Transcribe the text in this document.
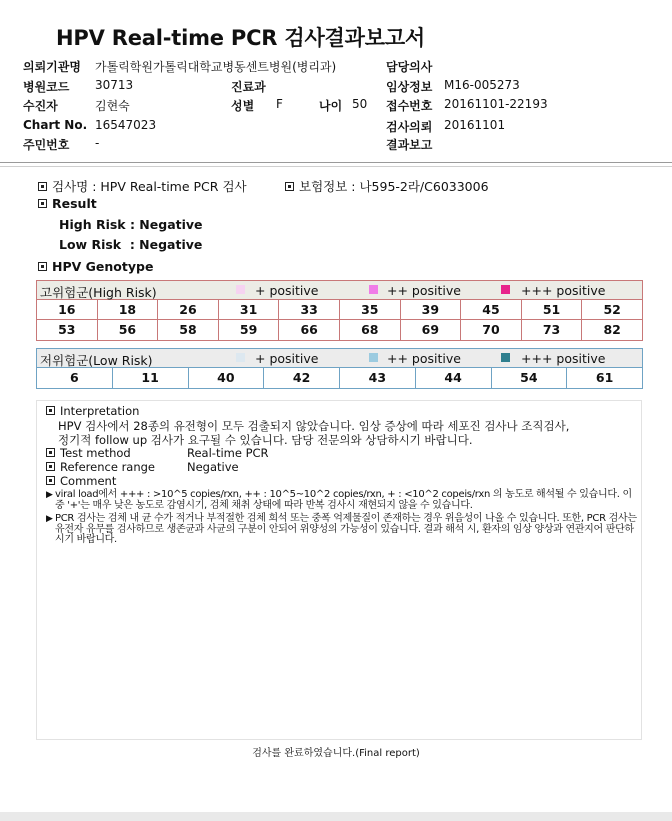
HPV Real-time PCR 검사결과보고서
의뢰기관명 가톨릭학원가톨릭대학교병동센트병원(병리과)	담당의사
병원코드 30713	진료과	임상정보 M16-005273
수진자	김현숙	성별 F	나이 50 접수번호 20161101-22193
Chart No. 16547023	검사의뢰 20161101
주민번호 -	결과보고
검사명 : HPV Real-time PCR 검사	보험정보 : 나595-2라/C6033006
Result
High Risk : Negative
Low Risk  : Negative
HPV Genotype
고위험군(High Risk)	+ positive	++ positive	+++ positive
16	18	26	31	33	35	39	45	51	52
53	56	58	59	66	68	69	70	73	82
저위험군(Low Risk)	+ positive	++ positive	+++ positive
6	11	40	42	43	44	54	61
Interpretation
HPV 검사에서 28종의 유전형이 모두 검출되지 않았습니다. 임상 증상에 따라 세포진 검사나 조직검사,
정기적 follow up 검사가 요구될 수 있습니다. 담당 전문의와 상담하시기 바랍니다.
Test method	Real-time PCR
Reference range	Negative
Comment
▶ viral load에서 +++ : >10^5 copies/rxn, ++ : 10^5~10^2 copies/rxn, + : <10^2 copeis/rxn 의 농도로 해석될 수 있습니다. 이 중 '+'는 매우 낮은 농도로 감염시기, 검체 채취 상태에 따라 반복 검사시 재현되지 않을 수 있습니다.
▶ PCR 검사는 검체 내 균 수가 적거나 부적절한 검체 희석 또는 중폭 억제물질이 존재하는 경우 위음성이 나올 수 있습니다. 또한, PCR 검사는 유전자 유무를 검사하므로 생존균과 사균의 구분이 안되어 위양성의 가능성이 있습니다. 결과 해석 시, 환자의 임상 양상과 연관지어 판단하시기 바랍니다.
검사를 완료하였습니다.(Final report)
